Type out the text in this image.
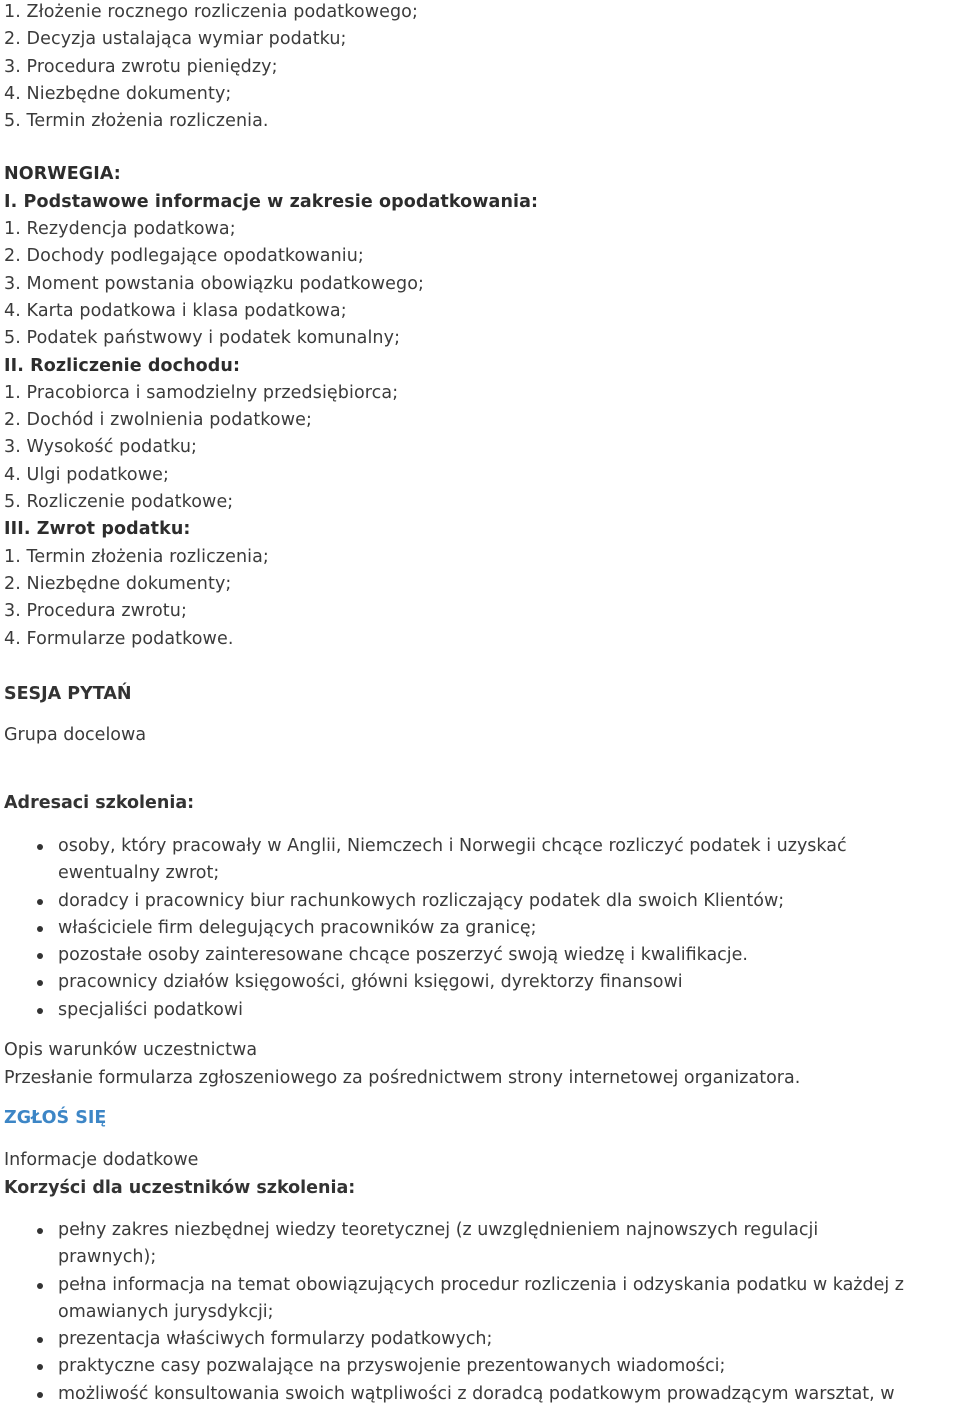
1. Złożenie rocznego rozliczenia podatkowego;
2. Decyzja ustalająca wymiar podatku;
3. Procedura zwrotu pieniędzy;
4. Niezbędne dokumenty;
5. Termin złożenia rozliczenia.
NORWEGIA:
I. Podstawowe informacje w zakresie opodatkowania:
1. Rezydencja podatkowa;
2. Dochody podlegające opodatkowaniu;
3. Moment powstania obowiązku podatkowego;
4. Karta podatkowa i klasa podatkowa;
5. Podatek państwowy i podatek komunalny;
II. Rozliczenie dochodu:
1. Pracobiorca i samodzielny przedsiębiorca;
2. Dochód i zwolnienia podatkowe;
3. Wysokość podatku;
4. Ulgi podatkowe;
5. Rozliczenie podatkowe;
III. Zwrot podatku:
1. Termin złożenia rozliczenia;
2. Niezbędne dokumenty;
3. Procedura zwrotu;
4. Formularze podatkowe.
SESJA PYTAŃ
Grupa docelowa
Adresaci szkolenia:
osoby, który pracowały w Anglii, Niemczech i Norwegii chcące rozliczyć podatek i uzyskać
ewentualny zwrot;
doradcy i pracownicy biur rachunkowych rozliczający podatek dla swoich Klientów;
właściciele firm delegujących pracowników za granicę;
pozostałe osoby zainteresowane chcące poszerzyć swoją wiedzę i kwalifikacje.
pracownicy działów księgowości, główni księgowi, dyrektorzy finansowi
specjaliści podatkowi
Opis warunków uczestnictwa
Przesłanie formularza zgłoszeniowego za pośrednictwem strony internetowej organizatora.
ZGŁOŚ SIĘ
Informacje dodatkowe
Korzyści dla uczestników szkolenia:
pełny zakres niezbędnej wiedzy teoretycznej (z uwzględnieniem najnowszych regulacji
prawnych);
pełna informacja na temat obowiązujących procedur rozliczenia i odzyskania podatku w każdej z
omawianych jurysdykcji;
prezentacja właściwych formularzy podatkowych;
praktyczne casy pozwalające na przyswojenie prezentowanych wiadomości;
możliwość konsultowania swoich wątpliwości z doradcą podatkowym prowadzącym warsztat, w
